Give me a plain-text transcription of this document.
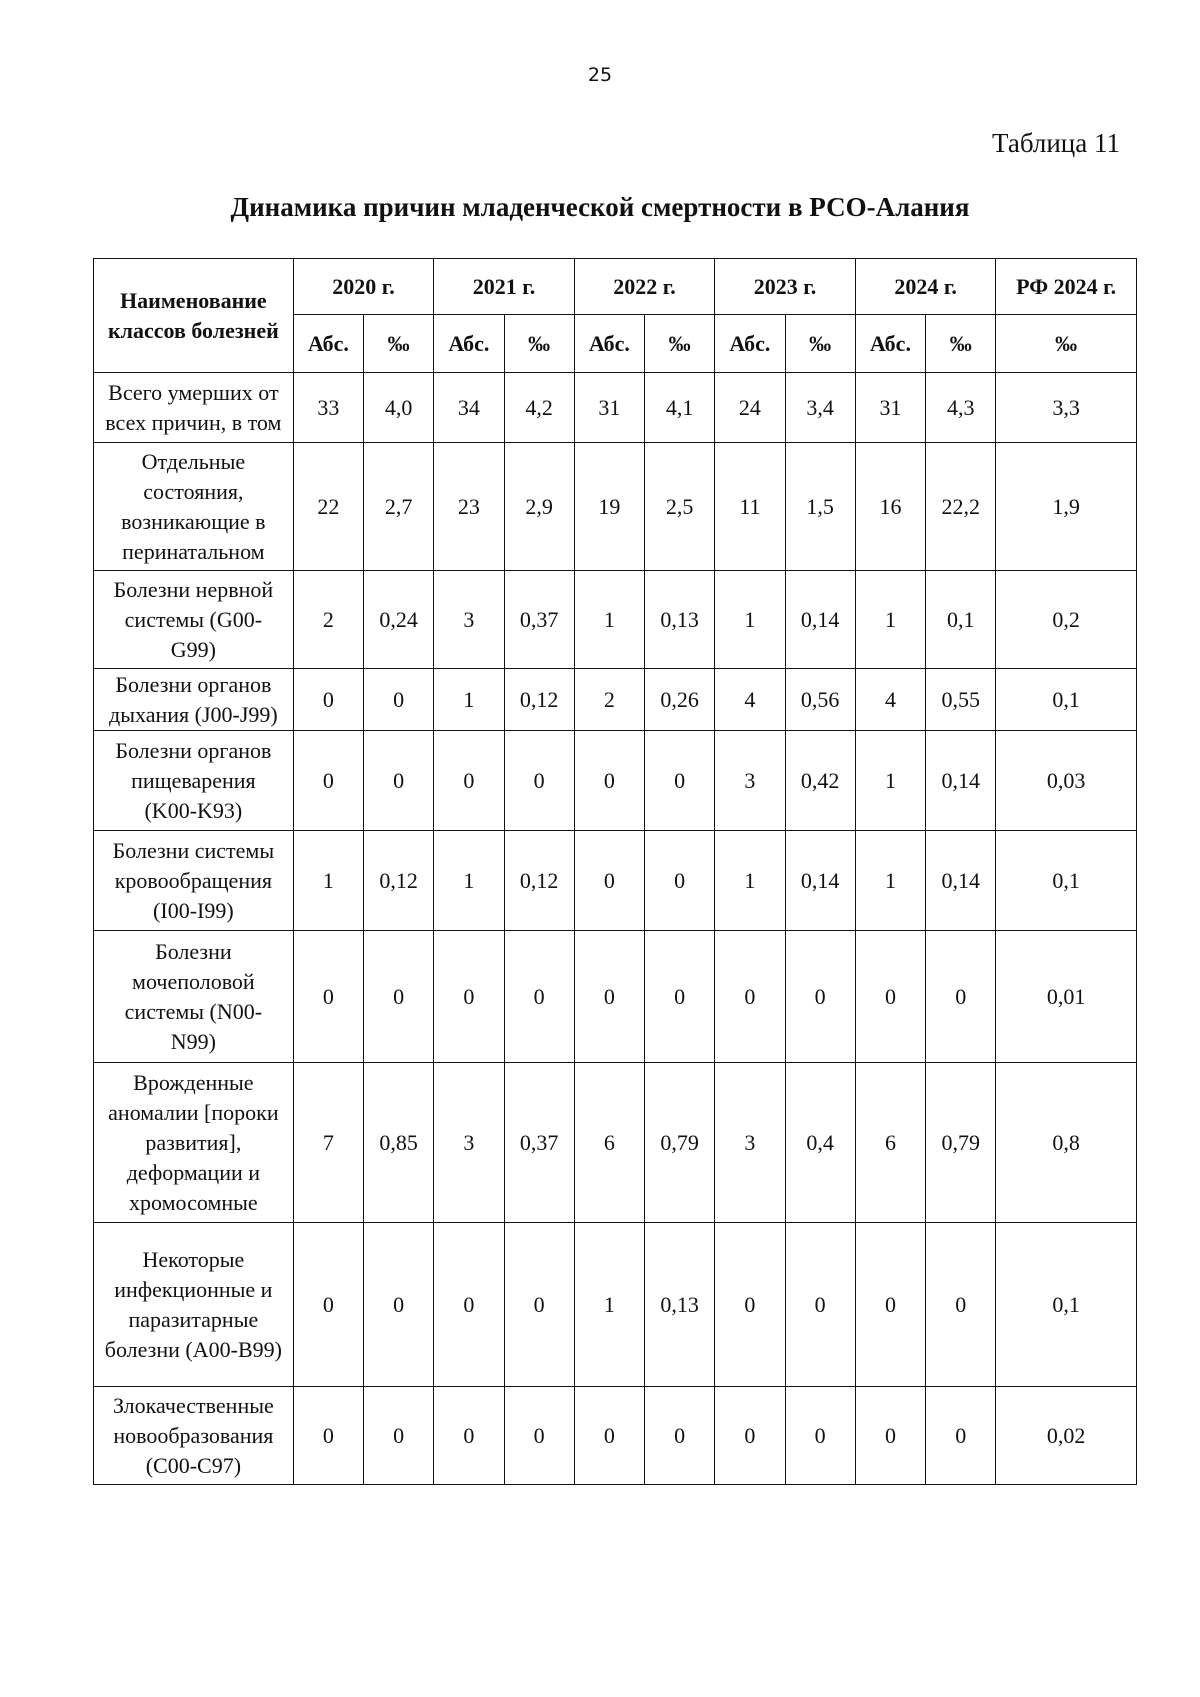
25
Таблица 11
Динамика причин младенческой смертности в РСО-Алания
Наименование
классов болезней	2020 г.		2021 г.		2022 г.		2023 г.		2024 г.		РФ 2024 г.
	Абс.	‰	Абс.	‰	Абс.	‰	Абс.	‰	Абс.	‰	‰
Всего умерших от
всех причин, в том	33	4,0	34	4,2	31	4,1	24	3,4	31	4,3	3,3
Отдельные
состояния,
возникающие в
перинатальном	22	2,7	23	2,9	19	2,5	11	1,5	16	22,2	1,9
Болезни нервной
системы (G00-
G99)	2	0,24	3	0,37	1	0,13	1	0,14	1	0,1	0,2
Болезни органов
дыхания (J00-J99)	0	0	1	0,12	2	0,26	4	0,56	4	0,55	0,1
Болезни органов
пищеварения
(K00-K93)	0	0	0	0	0	0	3	0,42	1	0,14	0,03
Болезни системы
кровообращения
(I00-I99)	1	0,12	1	0,12	0	0	1	0,14	1	0,14	0,1
Болезни
мочеполовой
системы (N00-
N99)	0	0	0	0	0	0	0	0	0	0	0,01
Врожденные
аномалии [пороки
развития],
деформации и
хромосомные	7	0,85	3	0,37	6	0,79	3	0,4	6	0,79	0,8
Некоторые
инфекционные и
паразитарные
болезни (A00-B99)	0	0	0	0	1	0,13	0	0	0	0	0,1
Злокачественные
новообразования
(C00-C97)	0	0	0	0	0	0	0	0	0	0	0,02
